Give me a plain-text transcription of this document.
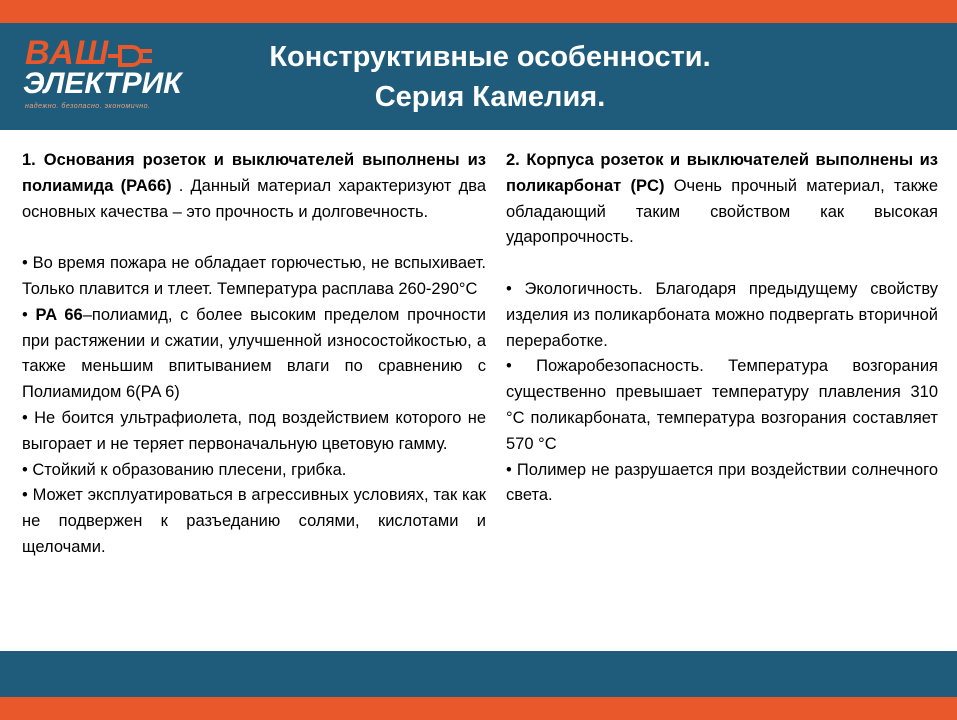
ВАШ
ЭЛЕКТРИК
надежно. безопасно. экономично.
Конструктивные особенности.
Серия Камелия.

1. Основания розеток и выключателей выполнены из полиамида (PA66) . Данный материал характеризуют два основных качества – это прочность и долговечность.

• Во время пожара не обладает горючестью, не вспыхивает. Только плавится и тлеет. Температура расплава 260-290°C

• PA 66–полиамид, с более высоким пределом прочности при растяжении и сжатии, улучшенной износостойкостью, а также меньшим впитыванием влаги по сравнению с Полиамидом 6(PA 6)

• Не боится ультрафиолета, под воздействием которого не выгорает и не теряет первоначальную цветовую гамму.

• Стойкий к образованию плесени, грибка.

• Может эксплуатироваться в агрессивных условиях, так как не подвержен к разъеданию солями, кислотами и щелочами.

2. Корпуса розеток и выключателей выполнены из поликарбонат (PC) Очень прочный материал, также обладающий таким свойством как высокая ударопрочность.

• Экологичность. Благодаря предыдущему свойству изделия из поликарбоната можно подвергать вторичной переработке.

• Пожаробезопасность. Температура возгорания существенно превышает температуру плавления 310 °C поликарбоната, температура возгорания составляет 570 °C

• Полимер не разрушается при воздействии солнечного света.
